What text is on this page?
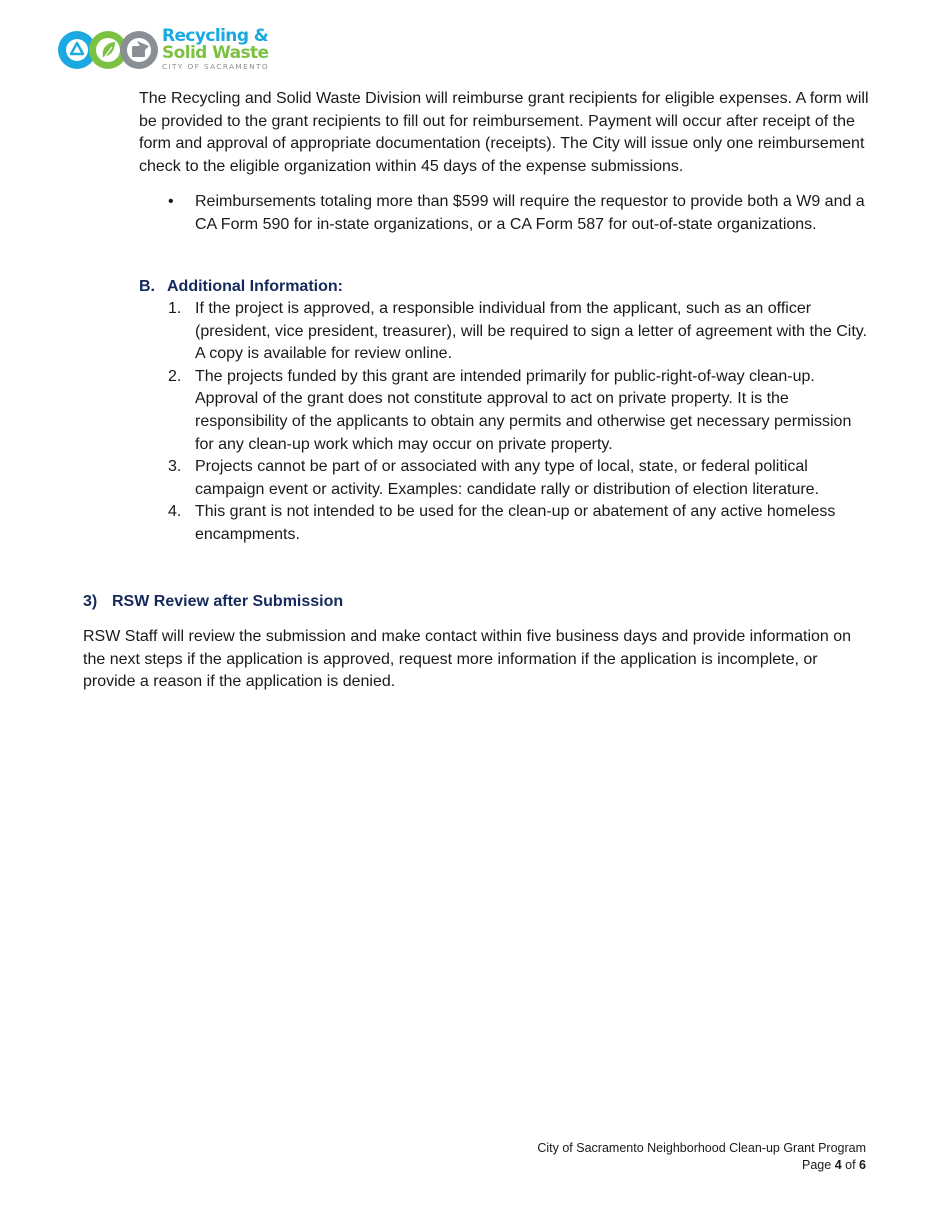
Recycling &
Solid Waste
CITY OF SACRAMENTO
The Recycling and Solid Waste Division will reimburse grant recipients for eligible expenses. A form will be provided to the grant recipients to fill out for reimbursement. Payment will occur after receipt of the form and approval of appropriate documentation (receipts). The City will issue only one reimbursement check to the eligible organization within 45 days of the expense submissions.
•	Reimbursements totaling more than $599 will require the requestor to provide both a W9 and a CA Form 590 for in-state organizations, or a CA Form 587 for out-of-state organizations.
B. Additional Information:
1. If the project is approved, a responsible individual from the applicant, such as an officer (president, vice president, treasurer), will be required to sign a letter of agreement with the City. A copy is available for review online.
2. The projects funded by this grant are intended primarily for public-right-of-way clean-up. Approval of the grant does not constitute approval to act on private property. It is the responsibility of the applicants to obtain any permits and otherwise get necessary permission for any clean-up work which may occur on private property.
3. Projects cannot be part of or associated with any type of local, state, or federal political campaign event or activity. Examples: candidate rally or distribution of election literature.
4. This grant is not intended to be used for the clean-up or abatement of any active homeless encampments.
3) RSW Review after Submission
RSW Staff will review the submission and make contact within five business days and provide information on the next steps if the application is approved, request more information if the application is incomplete, or provide a reason if the application is denied.
City of Sacramento Neighborhood Clean-up Grant Program
Page 4 of 6
